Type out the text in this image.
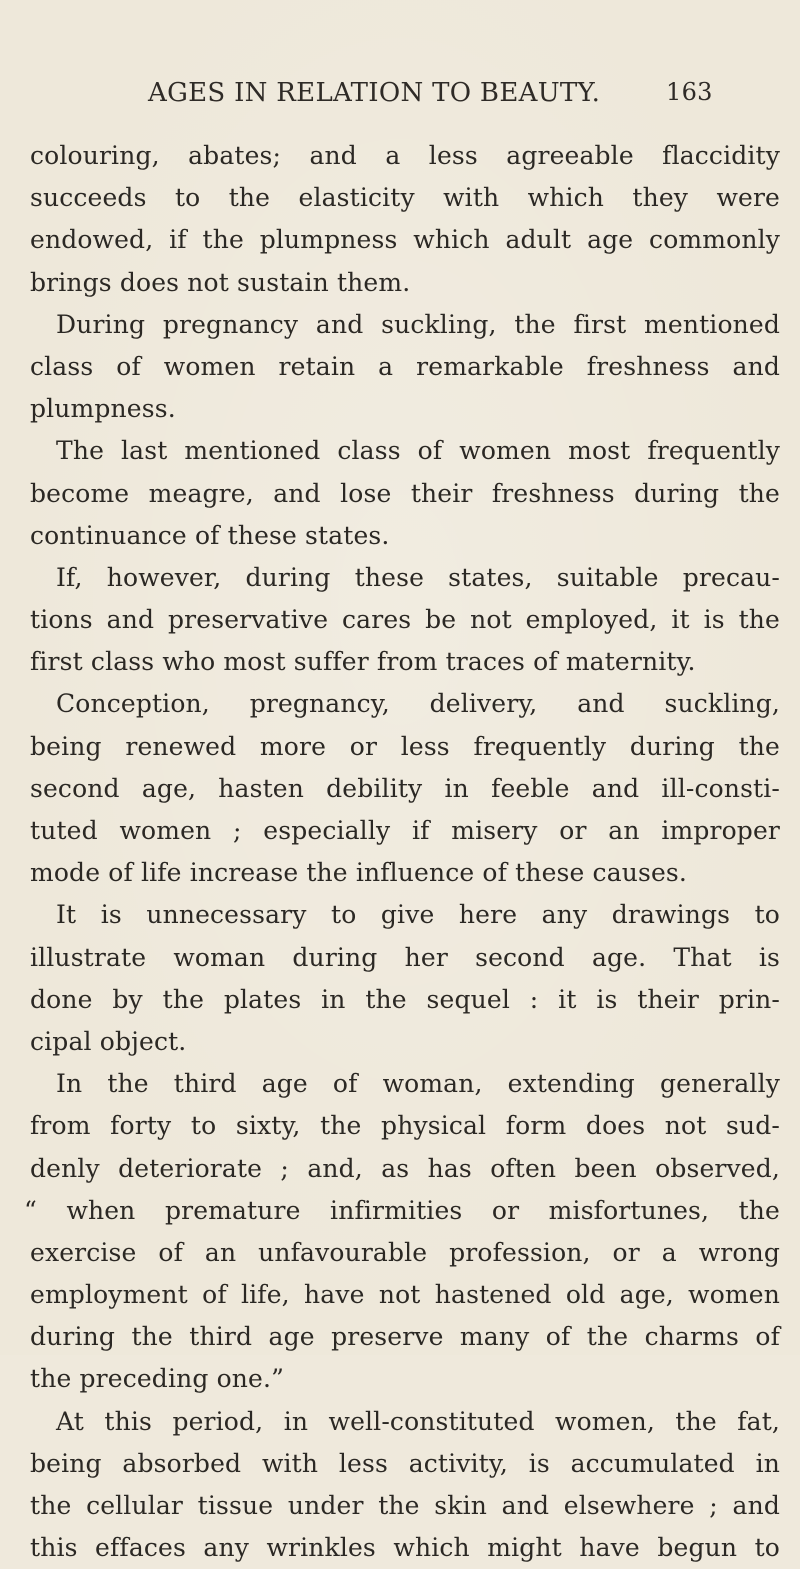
AGES IN RELATION TO BEAUTY.	163
colouring, abates; and a less agreeable flaccidity
succeeds to the elasticity with which they were
endowed, if the plumpness which adult age commonly
brings does not sustain them.
During pregnancy and suckling, the first mentioned
class of women retain a remarkable freshness and
plumpness.
The last mentioned class of women most frequently
become meagre, and lose their freshness during the
continuance of these states.
If, however, during these states, suitable precau-
tions and preservative cares be not employed, it is the
first class who most suffer from traces of maternity.
Conception, pregnancy, delivery, and suckling,
being renewed more or less frequently during the
second age, hasten debility in feeble and ill-consti-
tuted women ; especially if misery or an improper
mode of life increase the influence of these causes.
It is unnecessary to give here any drawings to
illustrate woman during her second age. That is
done by the plates in the sequel : it is their prin-
cipal object.
In the third age of woman, extending generally
from forty to sixty, the physical form does not sud-
denly deteriorate ; and, as has often been observed,
“ when premature infirmities or misfortunes, the
exercise of an unfavourable profession, or a wrong
employment of life, have not hastened old age, women
during the third age preserve many of the charms of
the preceding one.”
At this period, in well-constituted women, the fat,
being absorbed with less activity, is accumulated in
the cellular tissue under the skin and elsewhere ; and
this effaces any wrinkles which might have begun to
